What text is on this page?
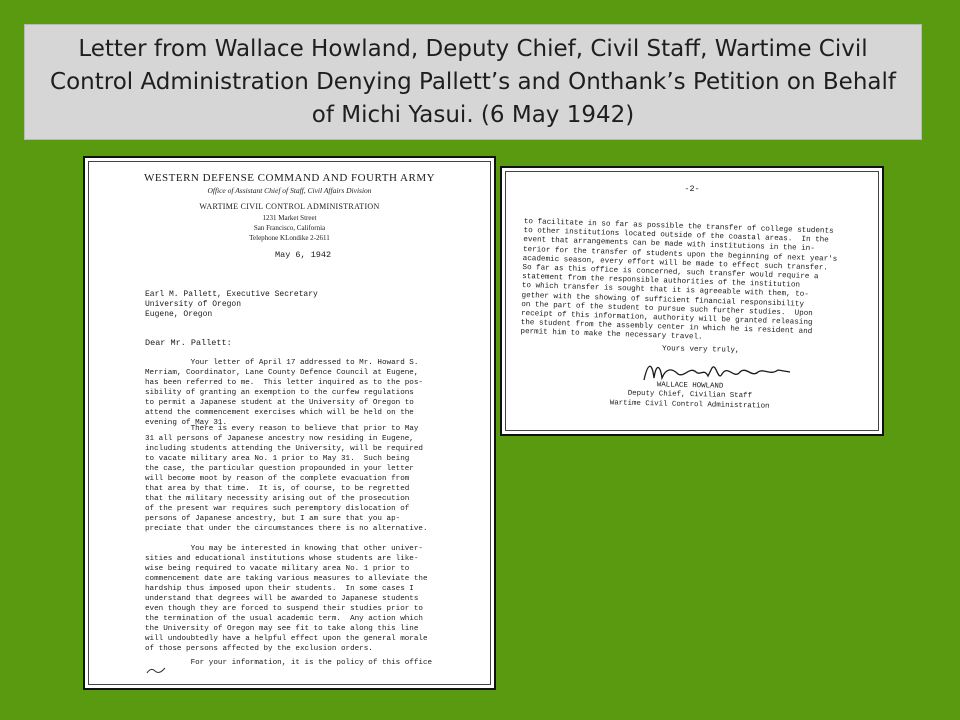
Letter from Wallace Howland, Deputy Chief, Civil Staff, Wartime Civil Control Administration Denying Pallett’s and Onthank’s Petition on Behalf of Michi Yasui. (6 May 1942)
WESTERN DEFENSE COMMAND AND FOURTH ARMY
Office of Assistant Chief of Staff, Civil Affairs Division
WARTIME CIVIL CONTROL ADMINISTRATION
1231 Market Street
San Francisco, California
Telephone KLondike 2-2611
May 6, 1942
Earl M. Pallett, Executive Secretary
University of Oregon
Eugene, Oregon
Dear Mr. Pallett:
Your letter of April 17 addressed to Mr. Howard S.
Merriam, Coordinator, Lane County Defence Council at Eugene,
has been referred to me.  This letter inquired as to the pos-
sibility of granting an exemption to the curfew regulations
to permit a Japanese student at the University of Oregon to
attend the commencement exercises which will be held on the
evening of May 31.
There is every reason to believe that prior to May
31 all persons of Japanese ancestry now residing in Eugene,
including students attending the University, will be required
to vacate military area No. 1 prior to May 31.  Such being
the case, the particular question propounded in your letter
will become moot by reason of the complete evacuation from
that area by that time.  It is, of course, to be regretted
that the military necessity arising out of the prosecution
of the present war requires such peremptory dislocation of
persons of Japanese ancestry, but I am sure that you ap-
preciate that under the circumstances there is no alternative.
You may be interested in knowing that other univer-
sities and educational institutions whose students are like-
wise being required to vacate military area No. 1 prior to
commencement date are taking various measures to alleviate the
hardship thus imposed upon their students.  In some cases I
understand that degrees will be awarded to Japanese students
even though they are forced to suspend their studies prior to
the termination of the usual academic term.  Any action which
the University of Oregon may see fit to take along this line
will undoubtedly have a helpful effect upon the general morale
of those persons affected by the exclusion orders.
For your information, it is the policy of this office
-2-
to facilitate in so far as possible the transfer of college students
to other institutions located outside of the coastal areas.  In the
event that arrangements can be made with institutions in the in-
terior for the transfer of students upon the beginning of next year's
academic season, every effort will be made to effect such transfer.
So far as this office is concerned, such transfer would require a
statement from the responsible authorities of the institution
to which transfer is sought that it is agreeable with them, to-
gether with the showing of sufficient financial responsibility
on the part of the student to pursue such further studies.  Upon
receipt of this information, authority will be granted releasing
the student from the assembly center in which he is resident and
permit him to make the necessary travel.
Yours very truly,
WALLACE HOWLAND
Deputy Chief, Civilian Staff
Wartime Civil Control Administration
